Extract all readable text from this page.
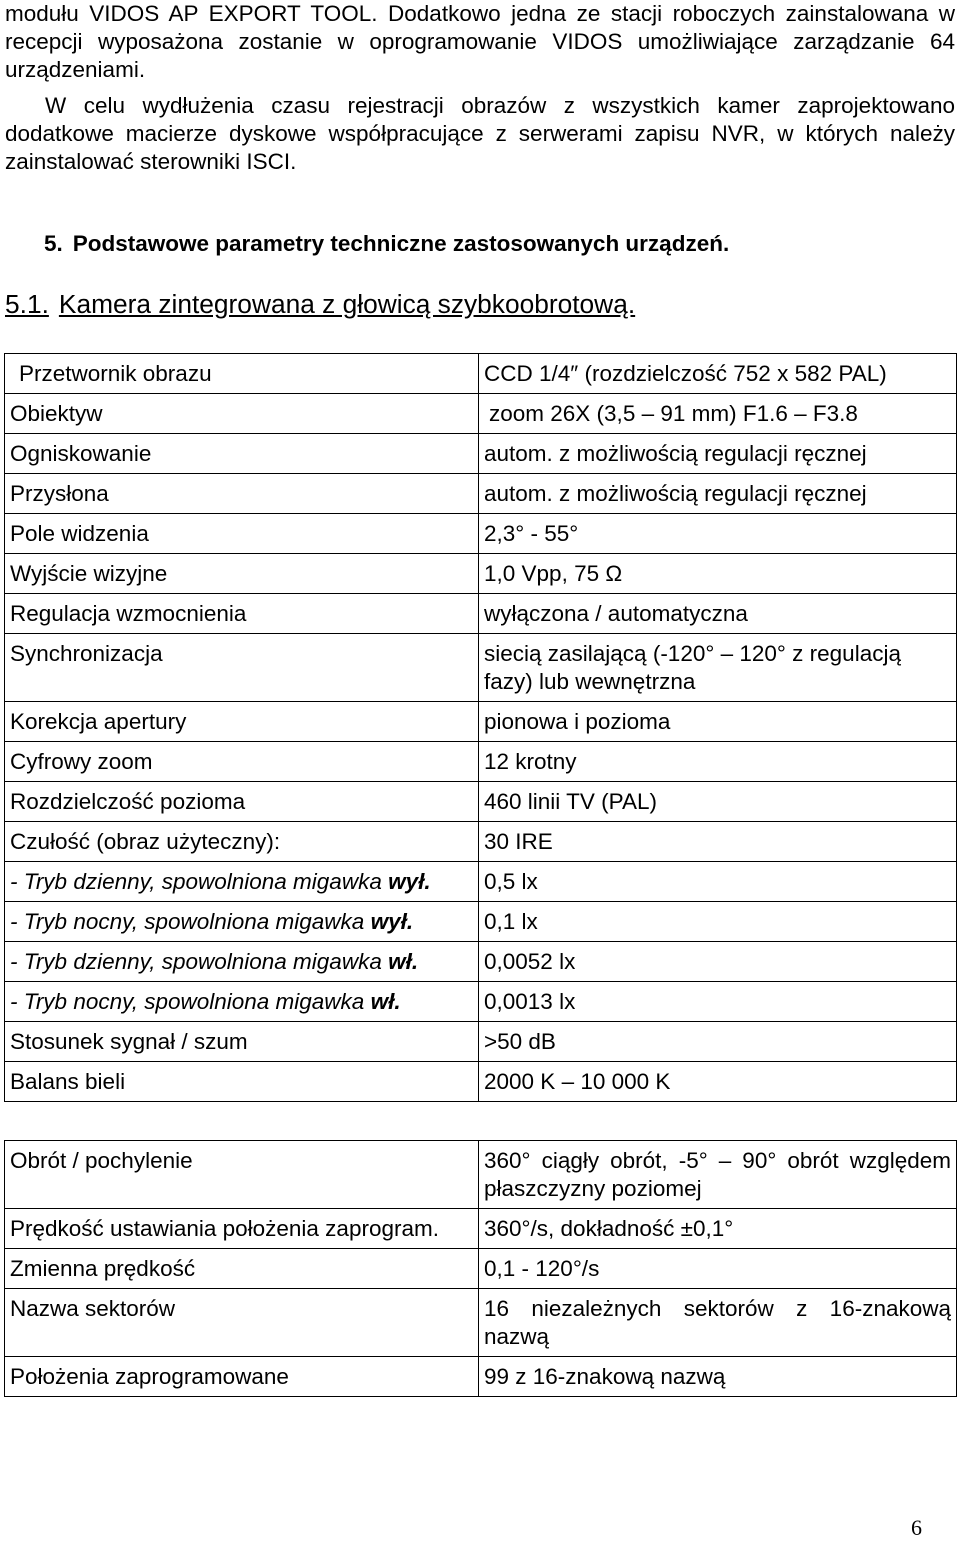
modułu VIDOS AP EXPORT TOOL. Dodatkowo jedna ze stacji roboczych zainstalowana w recepcji wyposażona zostanie w oprogramowanie VIDOS umożliwiające zarządzanie 64 urządzeniami.

W celu wydłużenia czasu rejestracji obrazów z wszystkich kamer zaprojektowano dodatkowe macierze dyskowe współpracujące z serwerami zapisu NVR, w których należy zainstalować sterowniki ISCI.

5. Podstawowe parametry techniczne zastosowanych urządzeń.
5.1. Kamera zintegrowana z głowicą szybkoobrotową.
Przetwornik obrazu	CCD 1/4″ (rozdzielczość 752 x 582 PAL)
Obiektyw	zoom 26X (3,5 – 91 mm) F1.6 – F3.8
Ogniskowanie	autom. z możliwością regulacji ręcznej
Przysłona	autom. z możliwością regulacji ręcznej
Pole widzenia	2,3° - 55°
Wyjście wizyjne	1,0 Vpp, 75 Ω
Regulacja wzmocnienia	wyłączona / automatyczna
Synchronizacja	siecią zasilającą (-120° – 120° z regulacją fazy) lub wewnętrzna
Korekcja apertury	pionowa i pozioma
Cyfrowy zoom	12 krotny
Rozdzielczość pozioma	460 linii TV (PAL)
Czułość (obraz użyteczny):	30 IRE
- Tryb dzienny, spowolniona migawka wył.	0,5 lx
- Tryb nocny, spowolniona migawka wył.	0,1 lx
- Tryb dzienny, spowolniona migawka wł.	0,0052 lx
- Tryb nocny, spowolniona migawka wł.	0,0013 lx
Stosunek sygnał / szum	>50 dB
Balans bieli	2000 K – 10 000 K
Obrót / pochylenie	360° ciągły obrót, -5° – 90° obrót względem płaszczyzny poziomej
Prędkość ustawiania położenia zaprogram.	360°/s, dokładność ±0,1°
Zmienna prędkość	0,1 - 120°/s
Nazwa sektorów	16 niezależnych sektorów z 16-znakową nazwą
Położenia zaprogramowane	99 z 16-znakową nazwą
6
